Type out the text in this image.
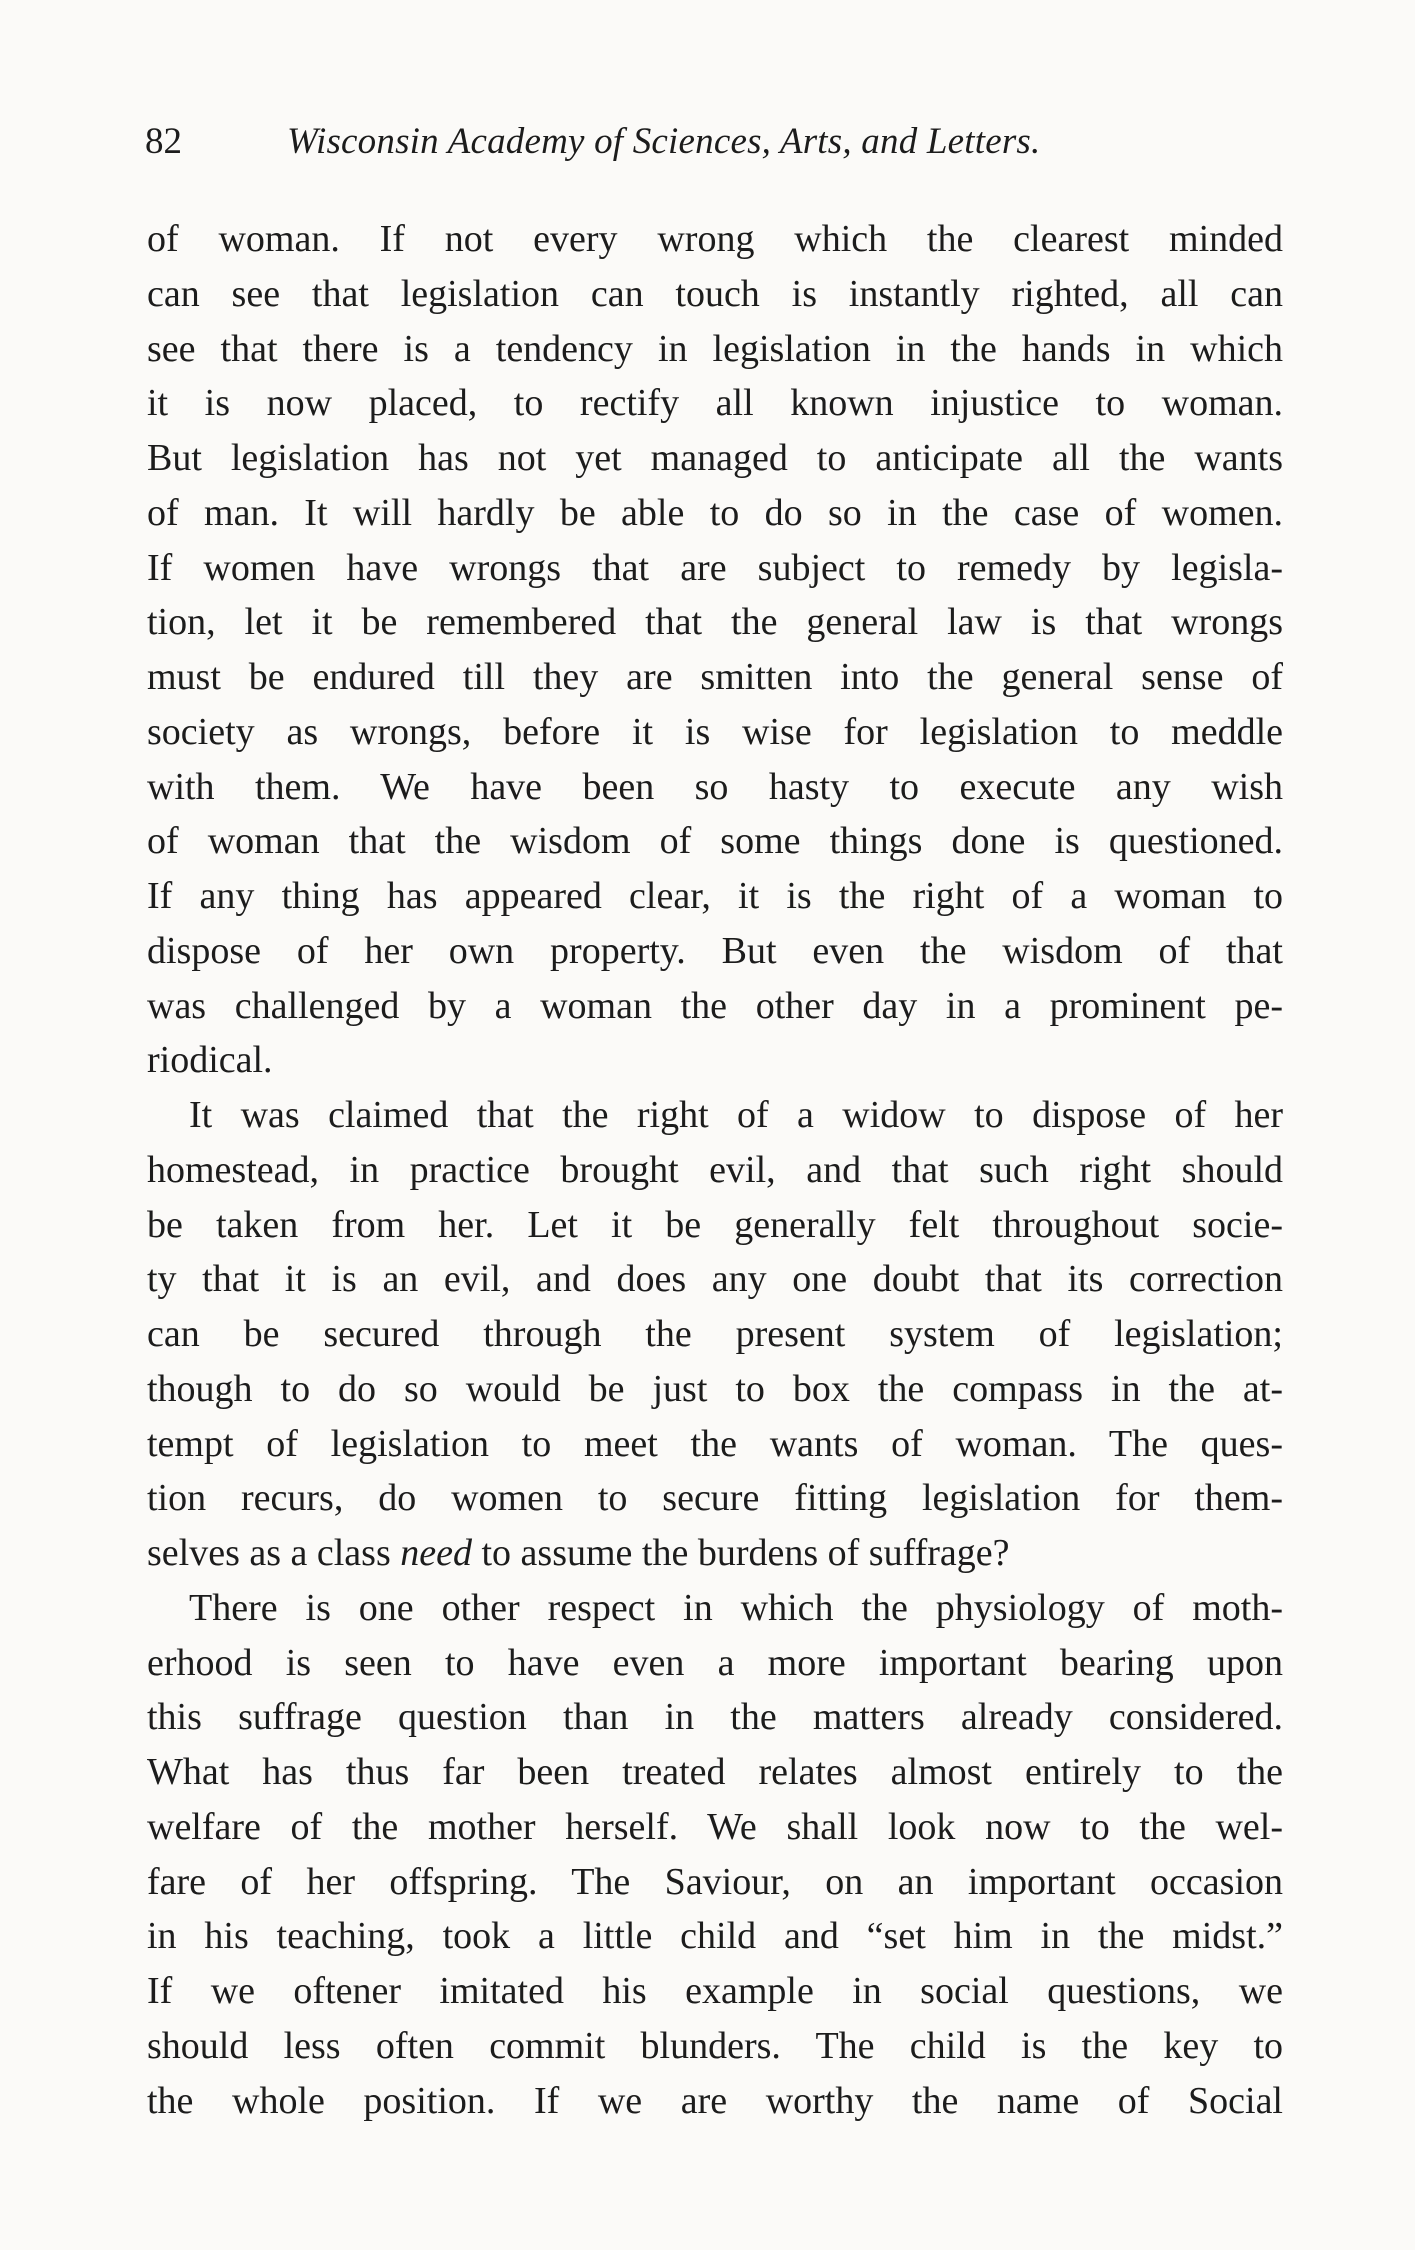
82	Wisconsin Academy of Sciences, Arts, and Letters.
of woman. If not every wrong which the clearest minded
can see that legislation can touch is instantly righted, all can
see that there is a tendency in legislation in the hands in which
it is now placed, to rectify all known injustice to woman.
But legislation has not yet managed to anticipate all the wants
of man. It will hardly be able to do so in the case of women.
If women have wrongs that are subject to remedy by legisla-
tion, let it be remembered that the general law is that wrongs
must be endured till they are smitten into the general sense of
society as wrongs, before it is wise for legislation to meddle
with them. We have been so hasty to execute any wish
of woman that the wisdom of some things done is questioned.
If any thing has appeared clear, it is the right of a woman to
dispose of her own property. But even the wisdom of that
was challenged by a woman the other day in a prominent pe-
riodical.
It was claimed that the right of a widow to dispose of her
homestead, in practice brought evil, and that such right should
be taken from her. Let it be generally felt throughout socie-
ty that it is an evil, and does any one doubt that its correction
can be secured through the present system of legislation;
though to do so would be just to box the compass in the at-
tempt of legislation to meet the wants of woman. The ques-
tion recurs, do women to secure fitting legislation for them-
selves as a class need to assume the burdens of suffrage?
There is one other respect in which the physiology of moth-
erhood is seen to have even a more important bearing upon
this suffrage question than in the matters already considered.
What has thus far been treated relates almost entirely to the
welfare of the mother herself. We shall look now to the wel-
fare of her offspring. The Saviour, on an important occasion
in his teaching, took a little child and “set him in the midst.”
If we oftener imitated his example in social questions, we
should less often commit blunders. The child is the key to
the whole position. If we are worthy the name of Social
